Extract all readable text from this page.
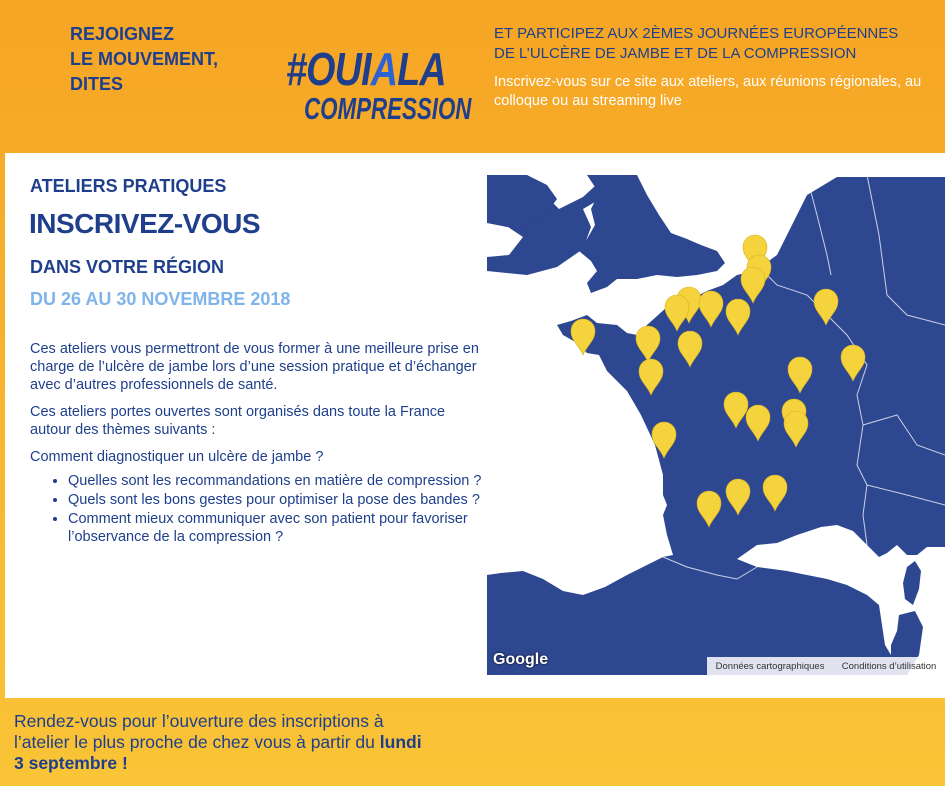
REJOIGNEZ
LE MOUVEMENT,
DITES	#OUIALA
COMPRESSION
ET PARTICIPEZ AUX 2ÈMES JOURNÉES EUROPÉENNES
DE L’ULCÈRE DE JAMBE ET DE LA COMPRESSION
Inscrivez-vous sur ce site aux ateliers, aux réunions régionales, au colloque ou au streaming live
ATELIERS PRATIQUES
INSCRIVEZ-VOUS
DANS VOTRE RÉGION
DU 26 AU 30 NOVEMBRE 2018

Ces ateliers vous permettront de vous former à une meilleure prise en charge de l’ulcère de jambe lors d’une session pratique et d’échanger avec d’autres professionnels de santé.

Ces ateliers portes ouvertes sont organisés dans toute la France autour des thèmes suivants :

Comment diagnostiquer un ulcère de jambe ?

• Quelles sont les recommandations en matière de compression ?
• Quels sont les bons gestes pour optimiser la pose des bandes ?
• Comment mieux communiquer avec son patient pour favoriser l’observance de la compression ?
Google	Données cartographiques Conditions d’utilisation
Rendez-vous pour l’ouverture des inscriptions à l’atelier le plus proche de chez vous à partir du lundi 3 septembre !
